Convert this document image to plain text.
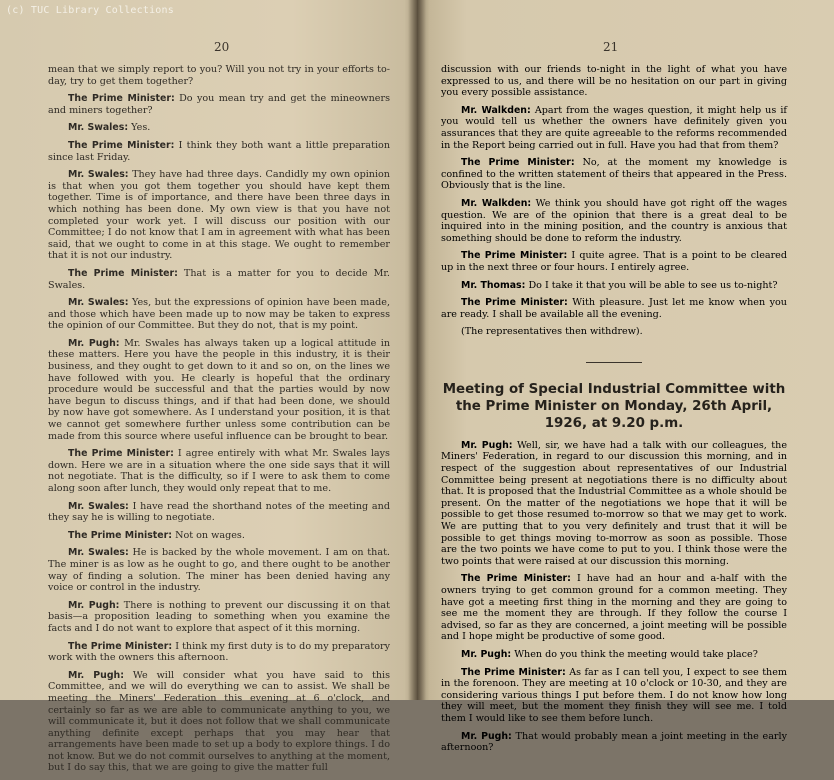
(c) TUC Library Collections
20

mean that we simply report to you? Will you not try in your efforts to-day, try to get them together?

The Prime Minister: Do you mean try and get the mineowners and miners together?

Mr. Swales: Yes.

The Prime Minister: I think they both want a little preparation since last Friday.

Mr. Swales: They have had three days. Candidly my own opinion is that when you got them together you should have kept them together. Time is of importance, and there have been three days in which nothing has been done. My own view is that you have not completed your work yet. I will discuss our position with our Committee; I do not know that I am in agreement with what has been said, that we ought to come in at this stage. We ought to remember that it is not our industry.

The Prime Minister: That is a matter for you to decide Mr. Swales.

Mr. Swales: Yes, but the expressions of opinion have been made, and those which have been made up to now may be taken to express the opinion of our Committee. But they do not, that is my point.

Mr. Pugh: Mr. Swales has always taken up a logical attitude in these matters. Here you have the people in this industry, it is their business, and they ought to get down to it and so on, on the lines we have followed with you. He clearly is hopeful that the ordinary procedure would be successful and that the parties would by now have begun to discuss things, and if that had been done, we should by now have got somewhere. As I understand your position, it is that we cannot get somewhere further unless some contribution can be made from this source where useful influence can be brought to bear.

The Prime Minister: I agree entirely with what Mr. Swales lays down. Here we are in a situation where the one side says that it will not negotiate. That is the difficulty, so if I were to ask them to come along soon after lunch, they would only repeat that to me.

Mr. Swales: I have read the shorthand notes of the meeting and they say he is willing to negotiate.

The Prime Minister: Not on wages.

Mr. Swales: He is backed by the whole movement. I am on that. The miner is as low as he ought to go, and there ought to be another way of finding a solution. The miner has been denied having any voice or control in the industry.

Mr. Pugh: There is nothing to prevent our discussing it on that basis—a proposition leading to something when you examine the facts and I do not want to explore that aspect of it this morning.

The Prime Minister: I think my first duty is to do my preparatory work with the owners this afternoon.

Mr. Pugh: We will consider what you have said to this Committee, and we will do everything we can to assist. We shall be meeting the Miners' Federation this evening at 6 o'clock, and certainly so far as we are able to communicate anything to you, we will communicate it, but it does not follow that we shall communicate anything definite except perhaps that you may hear that arrangements have been made to set up a body to explore things. I do not know. But we do not commit ourselves to anything at the moment, but I do say this, that we are going to give the matter full

21

discussion with our friends to-night in the light of what you have expressed to us, and there will be no hesitation on our part in giving you every possible assistance.

Mr. Walkden: Apart from the wages question, it might help us if you would tell us whether the owners have definitely given you assurances that they are quite agreeable to the reforms recommended in the Report being carried out in full. Have you had that from them?

The Prime Minister: No, at the moment my knowledge is confined to the written statement of theirs that appeared in the Press. Obviously that is the line.

Mr. Walkden: We think you should have got right off the wages question. We are of the opinion that there is a great deal to be inquired into in the mining position, and the country is anxious that something should be done to reform the industry.

The Prime Minister: I quite agree. That is a point to be cleared up in the next three or four hours. I entirely agree.

Mr. Thomas: Do I take it that you will be able to see us to-night?

The Prime Minister: With pleasure. Just let me know when you are ready. I shall be available all the evening.

(The representatives then withdrew).

Meeting of Special Industrial Committee with the Prime Minister on Monday, 26th April, 1926, at 9.20 p.m.

Mr. Pugh: Well, sir, we have had a talk with our colleagues, the Miners' Federation, in regard to our discussion this morning, and in respect of the suggestion about representatives of our Industrial Committee being present at negotiations there is no difficulty about that. It is proposed that the Industrial Committee as a whole should be present. On the matter of the negotiations we hope that it will be possible to get those resumed to-morrow so that we may get to work. We are putting that to you very definitely and trust that it will be possible to get things moving to-morrow as soon as possible. Those are the two points we have come to put to you. I think those were the two points that were raised at our discussion this morning.

The Prime Minister: I have had an hour and a-half with the owners trying to get common ground for a common meeting. They have got a meeting first thing in the morning and they are going to see me the moment they are through. If they follow the course I advised, so far as they are concerned, a joint meeting will be possible and I hope might be productive of some good.

Mr. Pugh: When do you think the meeting would take place?

The Prime Minister: As far as I can tell you, I expect to see them in the forenoon. They are meeting at 10 o'clock or 10-30, and they are considering various things I put before them. I do not know how long they will meet, but the moment they finish they will see me. I told them I would like to see them before lunch.

Mr. Pugh: That would probably mean a joint meeting in the early afternoon?
